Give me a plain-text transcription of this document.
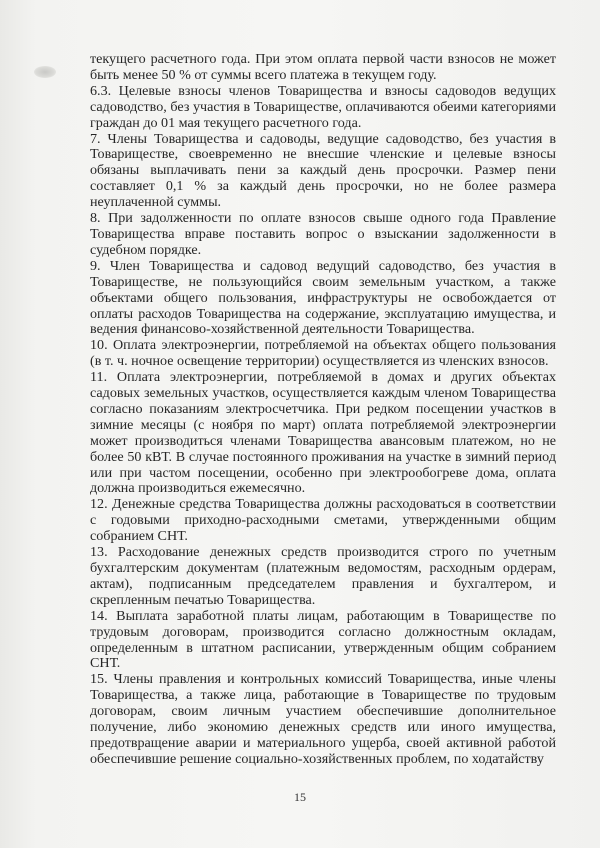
текущего расчетного года. При этом оплата первой части взносов не может быть менее 50 % от суммы всего платежа в текущем году.

6.3. Целевые взносы членов Товарищества и взносы садоводов ведущих садоводство, без участия в Товариществе, оплачиваются обеими категориями граждан до 01 мая текущего расчетного года.

7. Члены Товарищества и садоводы, ведущие садоводство, без участия в Товариществе, своевременно не внесшие членские и целевые взносы обязаны выплачивать пени за каждый день просрочки. Размер пени составляет 0,1 % за каждый день просрочки, но не более размера неуплаченной суммы.

8. При задолженности по оплате взносов свыше одного года Правление Товарищества вправе поставить вопрос о взыскании задолженности в судебном порядке.

9. Член Товарищества и садовод ведущий садоводство, без участия в Товариществе, не пользующийся своим земельным участком, а также объектами общего пользования, инфраструктуры не освобождается от оплаты расходов Товарищества на содержание, эксплуатацию имущества, и ведения финансово-хозяйственной деятельности Товарищества.

10. Оплата электроэнергии, потребляемой на объектах общего пользования (в т. ч. ночное освещение территории) осуществляется из членских взносов.

11. Оплата электроэнергии, потребляемой в домах и других объектах садовых земельных участков, осуществляется каждым членом Товарищества согласно показаниям электросчетчика. При редком посещении участков в зимние месяцы (с ноября по март) оплата потребляемой электроэнергии может производиться членами Товарищества авансовым платежом, но не более 50 кВТ. В случае постоянного проживания на участке в зимний период или при частом посещении, особенно при электрообогреве дома, оплата должна производиться ежемесячно.

12. Денежные средства Товарищества должны расходоваться в соответствии с годовыми приходно-расходными сметами, утвержденными общим собранием СНТ.

13. Расходование денежных средств производится строго по учетным бухгалтерским документам (платежным ведомостям, расходным ордерам, актам), подписанным председателем правления и бухгалтером, и скрепленным печатью Товарищества.

14. Выплата заработной платы лицам, работающим в Товариществе по трудовым договорам, производится согласно должностным окладам, определенным в штатном расписании, утвержденным общим собранием СНТ.

15. Члены правления и контрольных комиссий Товарищества, иные члены Товарищества, а также лица, работающие в Товариществе по трудовым договорам, своим личным участием обеспечившие дополнительное получение, либо экономию денежных средств или иного имущества, предотвращение аварии и материального ущерба, своей активной работой обеспечившие решение социально-хозяйственных проблем, по ходатайству

15
